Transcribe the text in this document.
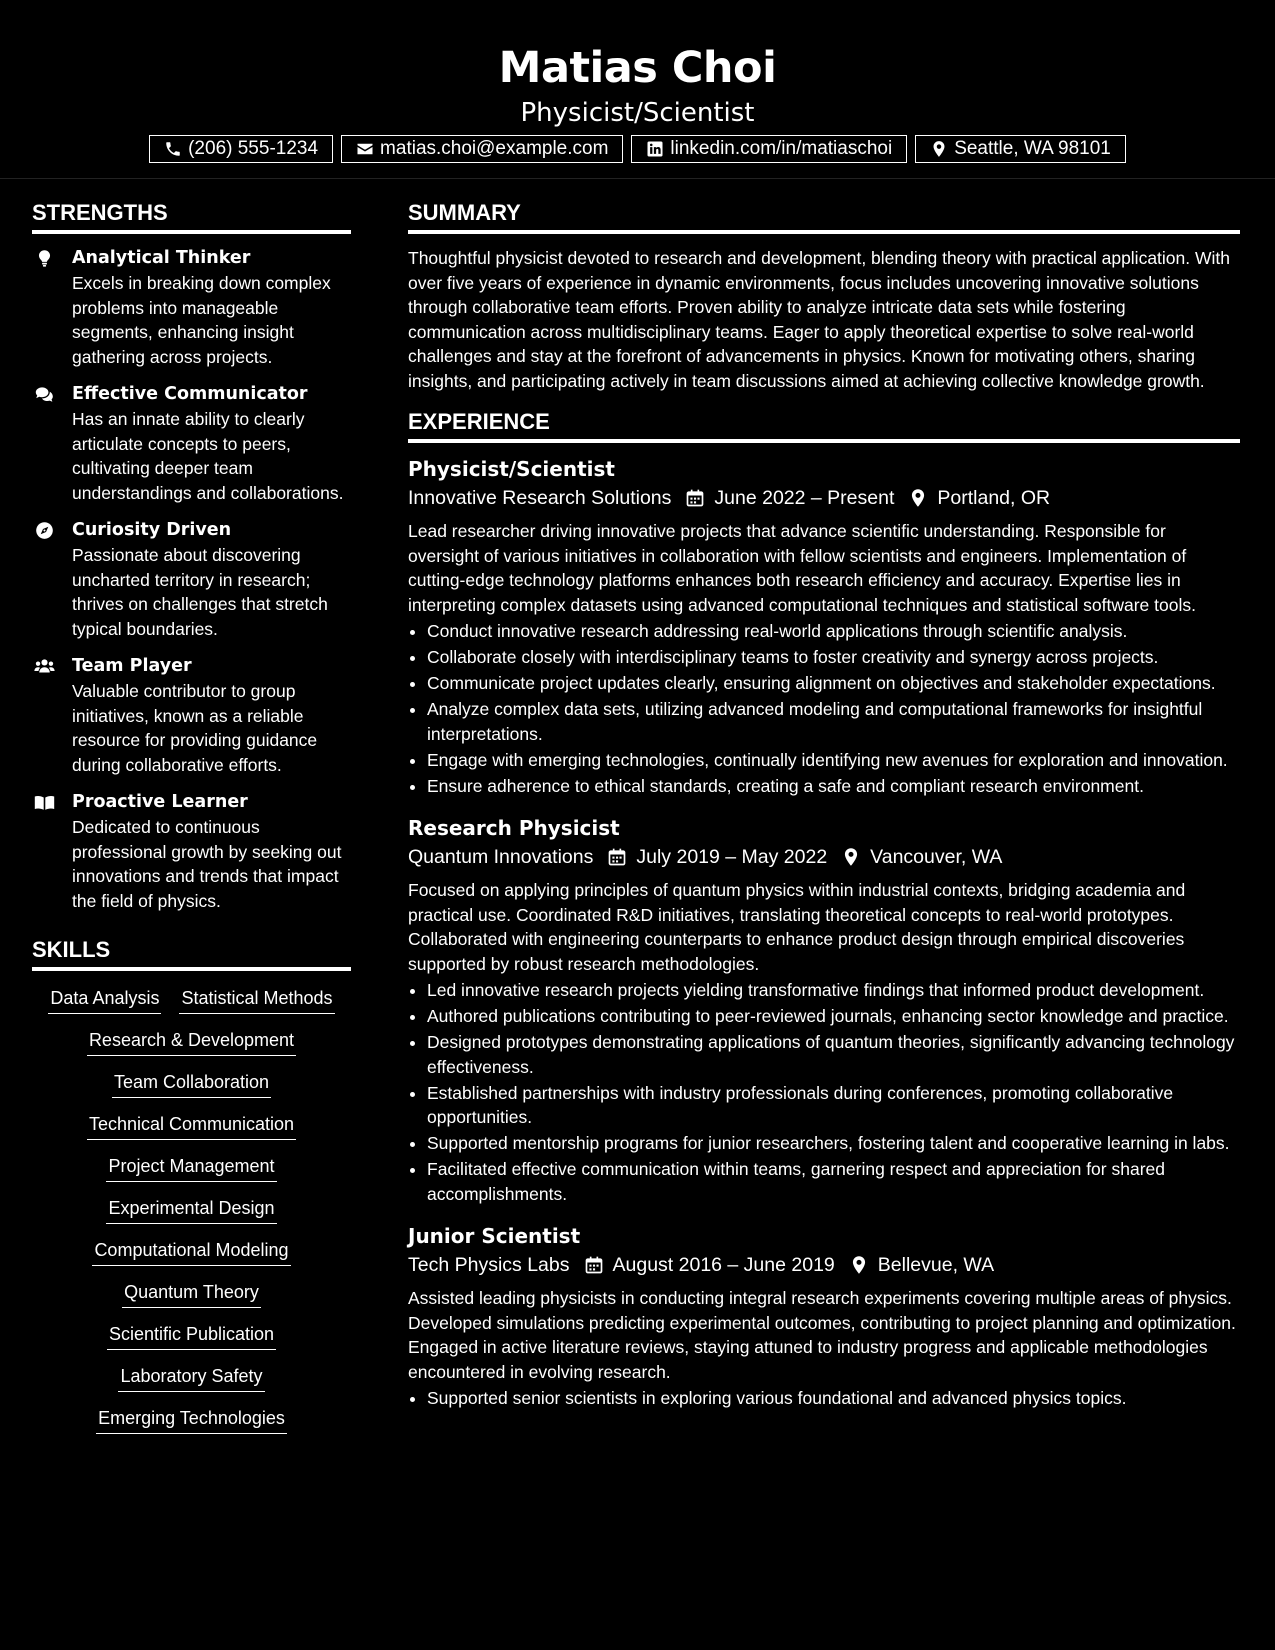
Matias Choi
Physicist/Scientist
(206) 555-1234	matias.choi@example.com	linkedin.com/in/matiaschoi	Seattle, WA 98101
STRENGTHS
Analytical Thinker
Excels in breaking down complex problems into manageable segments, enhancing insight gathering across projects.
Effective Communicator
Has an innate ability to clearly articulate concepts to peers, cultivating deeper team understandings and collaborations.
Curiosity Driven
Passionate about discovering uncharted territory in research; thrives on challenges that stretch typical boundaries.
Team Player
Valuable contributor to group initiatives, known as a reliable resource for providing guidance during collaborative efforts.
Proactive Learner
Dedicated to continuous professional growth by seeking out innovations and trends that impact the field of physics.
SKILLS
Data Analysis Statistical Methods
Research & Development
Team Collaboration
Technical Communication
Project Management
Experimental Design
Computational Modeling
Quantum Theory
Scientific Publication
Laboratory Safety
Emerging Technologies
SUMMARY

Thoughtful physicist devoted to research and development, blending theory with practical application. With over five years of experience in dynamic environments, focus includes uncovering innovative solutions through collaborative team efforts. Proven ability to analyze intricate data sets while fostering communication across multidisciplinary teams. Eager to apply theoretical expertise to solve real-world challenges and stay at the forefront of advancements in physics. Known for motivating others, sharing insights, and participating actively in team discussions aimed at achieving collective knowledge growth.

EXPERIENCE
Physicist/Scientist
Innovative Research Solutions June 2022 – Present Portland, OR

Lead researcher driving innovative projects that advance scientific understanding. Responsible for oversight of various initiatives in collaboration with fellow scientists and engineers. Implementation of cutting-edge technology platforms enhances both research efficiency and accuracy. Expertise lies in interpreting complex datasets using advanced computational techniques and statistical software tools.

• Conduct innovative research addressing real-world applications through scientific analysis.
• Collaborate closely with interdisciplinary teams to foster creativity and synergy across projects.
• Communicate project updates clearly, ensuring alignment on objectives and stakeholder expectations.
• Analyze complex data sets, utilizing advanced modeling and computational frameworks for insightful interpretations.
• Engage with emerging technologies, continually identifying new avenues for exploration and innovation.
• Ensure adherence to ethical standards, creating a safe and compliant research environment.
Research Physicist
Quantum Innovations July 2019 – May 2022 Vancouver, WA

Focused on applying principles of quantum physics within industrial contexts, bridging academia and practical use. Coordinated R&D initiatives, translating theoretical concepts to real-world prototypes. Collaborated with engineering counterparts to enhance product design through empirical discoveries supported by robust research methodologies.

• Led innovative research projects yielding transformative findings that informed product development.
• Authored publications contributing to peer-reviewed journals, enhancing sector knowledge and practice.
• Designed prototypes demonstrating applications of quantum theories, significantly advancing technology effectiveness.
• Established partnerships with industry professionals during conferences, promoting collaborative opportunities.
• Supported mentorship programs for junior researchers, fostering talent and cooperative learning in labs.
• Facilitated effective communication within teams, garnering respect and appreciation for shared accomplishments.
Junior Scientist
Tech Physics Labs August 2016 – June 2019 Bellevue, WA

Assisted leading physicists in conducting integral research experiments covering multiple areas of physics. Developed simulations predicting experimental outcomes, contributing to project planning and optimization. Engaged in active literature reviews, staying attuned to industry progress and applicable methodologies encountered in evolving research.

• Supported senior scientists in exploring various foundational and advanced physics topics.
